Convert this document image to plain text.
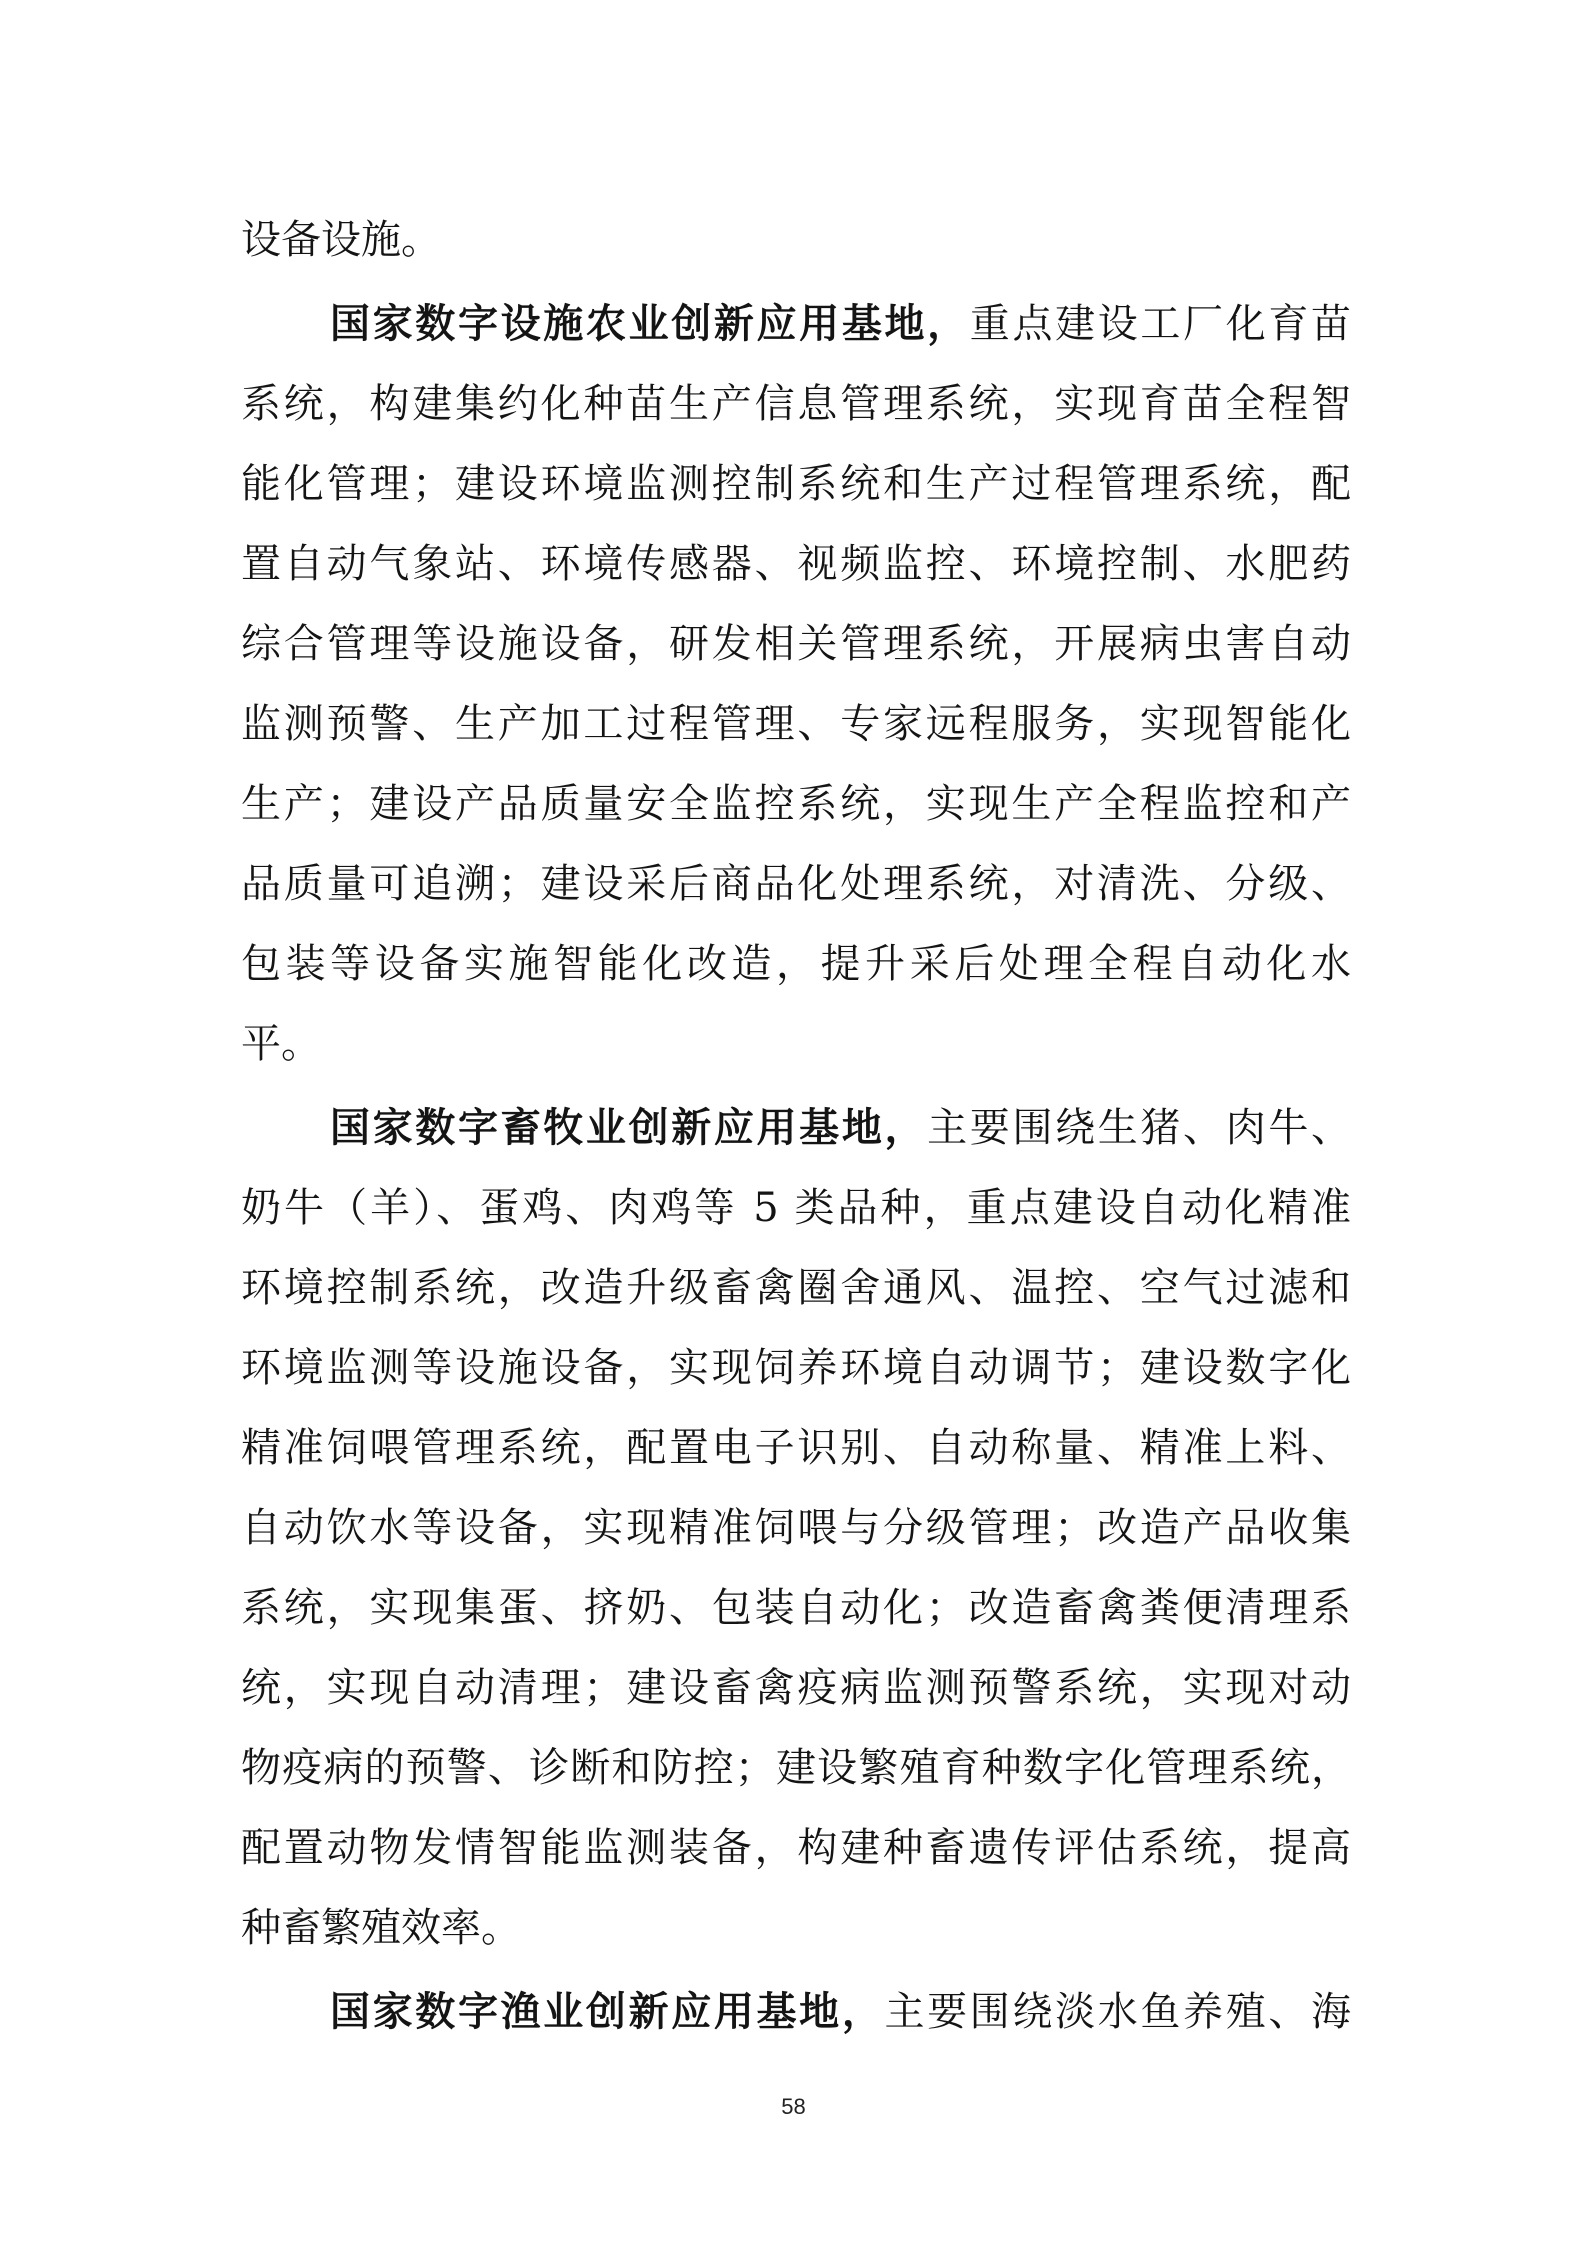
设备设施。
国家数字设施农业创新应用基地，重点建设工厂化育苗
系统，构建集约化种苗生产信息管理系统，实现育苗全程智
能化管理；建设环境监测控制系统和生产过程管理系统，配
置自动气象站、环境传感器、视频监控、环境控制、水肥药
综合管理等设施设备，研发相关管理系统，开展病虫害自动
监测预警、生产加工过程管理、专家远程服务，实现智能化
生产；建设产品质量安全监控系统，实现生产全程监控和产
品质量可追溯；建设采后商品化处理系统，对清洗、分级、
包装等设备实施智能化改造，提升采后处理全程自动化水
平。
国家数字畜牧业创新应用基地，主要围绕生猪、肉牛、
奶牛（羊）、蛋鸡、肉鸡等 5 类品种，重点建设自动化精准
环境控制系统，改造升级畜禽圈舍通风、温控、空气过滤和
环境监测等设施设备，实现饲养环境自动调节；建设数字化
精准饲喂管理系统，配置电子识别、自动称量、精准上料、
自动饮水等设备，实现精准饲喂与分级管理；改造产品收集
系统，实现集蛋、挤奶、包装自动化；改造畜禽粪便清理系
统，实现自动清理；建设畜禽疫病监测预警系统，实现对动
物疫病的预警、诊断和防控；建设繁殖育种数字化管理系统，
配置动物发情智能监测装备，构建种畜遗传评估系统，提高
种畜繁殖效率。
国家数字渔业创新应用基地，主要围绕淡水鱼养殖、海
58
